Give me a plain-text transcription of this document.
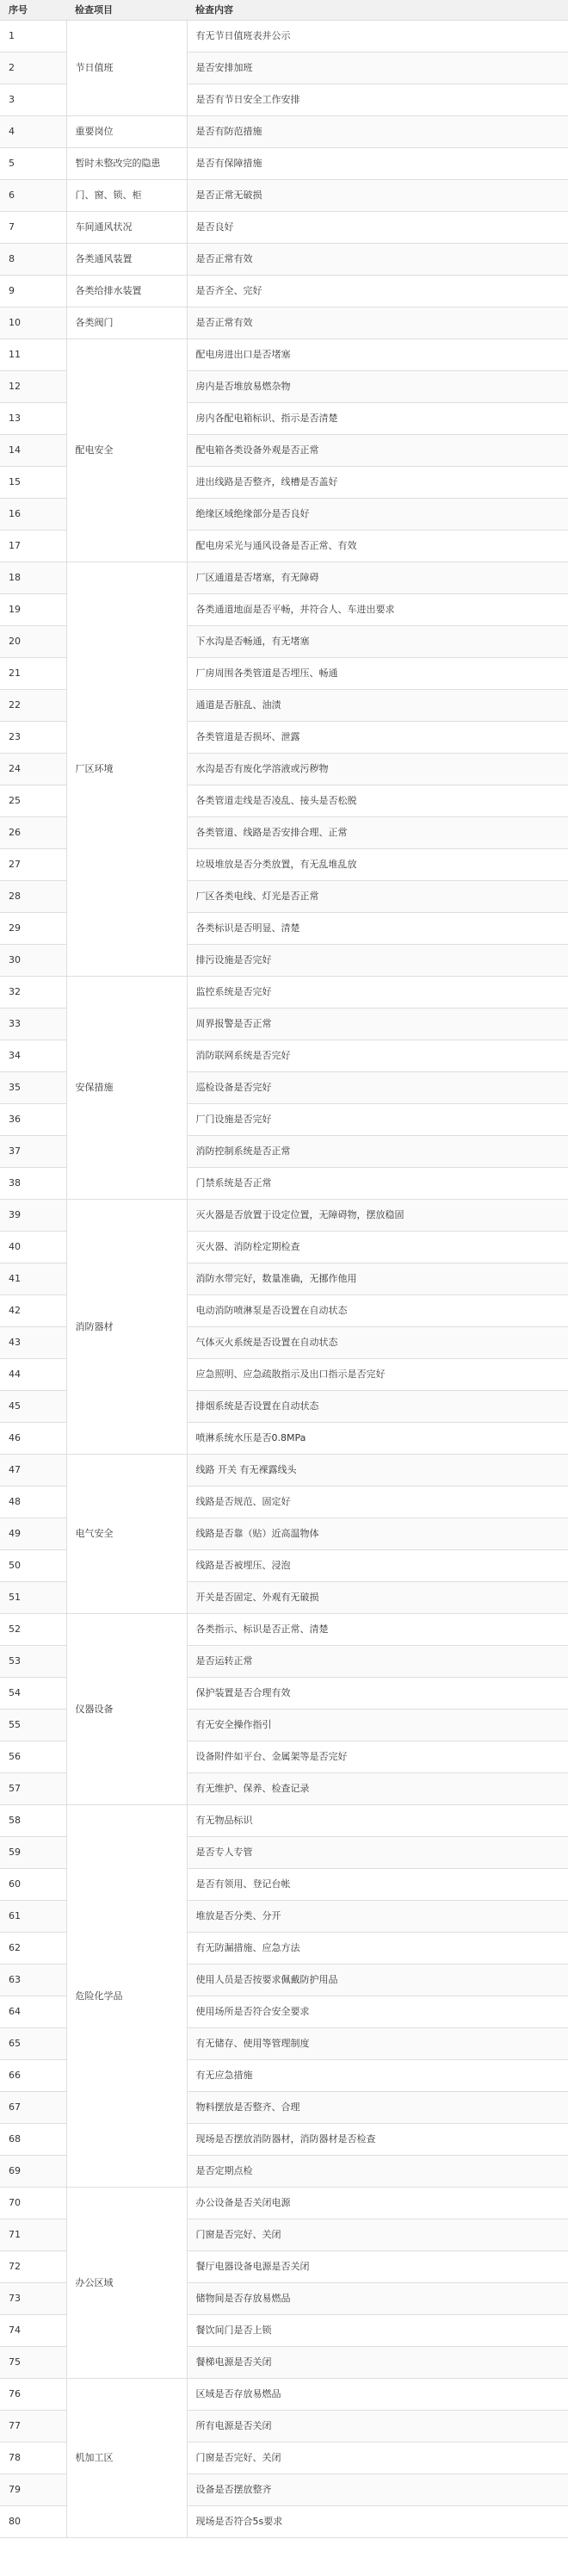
序号	检查项目	检查内容
1	节日值班	有无节日值班表并公示
2		是否安排加班
3		是否有节日安全工作安排
4	重要岗位	是否有防范措施
5	暂时未整改完的隐患	是否有保障措施
6	门、窗、锁、柜	是否正常无破损
7	车间通风状况	是否良好
8	各类通风装置	是否正常有效
9	各类给排水装置	是否齐全、完好
10	各类阀门	是否正常有效
11	配电安全	配电房进出口是否堵塞
12		房内是否堆放易燃杂物
13		房内各配电箱标识、指示是否清楚
14		配电箱各类设备外观是否正常
15		进出线路是否整齐，线槽是否盖好
16		绝缘区域绝缘部分是否良好
17		配电房采光与通风设备是否正常、有效
18	厂区环境	厂区通道是否堵塞，有无障碍
19		各类通道地面是否平畅，并符合人、车进出要求
20		下水沟是否畅通，有无堵塞
21		厂房周围各类管道是否埋压、畅通
22		通道是否脏乱、油渍
23		各类管道是否损坏、泄露
24		水沟是否有废化学溶液或污秽物
25		各类管道走线是否凌乱、接头是否松脱
26		各类管道、线路是否安排合理、正常
27		垃圾堆放是否分类放置，有无乱堆乱放
28		厂区各类电线、灯光是否正常
29		各类标识是否明显、清楚
30		排污设施是否完好
32	安保措施	监控系统是否完好
33		周界报警是否正常
34		消防联网系统是否完好
35		巡检设备是否完好
36		厂门设施是否完好
37		消防控制系统是否正常
38		门禁系统是否正常
39	消防器材	灭火器是否放置于设定位置，无障碍物，摆放稳固
40		灭火器、消防栓定期检查
41		消防水带完好，数量准确，无挪作他用
42		电动消防喷淋泵是否设置在自动状态
43		气体灭火系统是否设置在自动状态
44		应急照明、应急疏散指示及出口指示是否完好
45		排烟系统是否设置在自动状态
46		喷淋系统水压是否0.8MPa
47	电气安全	线路 开关 有无裸露线头
48		线路是否规范、固定好
49		线路是否靠（贴）近高温物体
50		线路是否被埋压、浸泡
51		开关是否固定、外观有无破损
52	仪器设备	各类指示、标识是否正常、清楚
53		是否运转正常
54		保护装置是否合理有效
55		有无安全操作指引
56		设备附件如平台、金属架等是否完好
57		有无维护、保养、检查记录
58	危险化学品	有无物品标识
59		是否专人专管
60		是否有领用、登记台帐
61		堆放是否分类、分开
62		有无防漏措施、应急方法
63		使用人员是否按要求佩戴防护用品
64		使用场所是否符合安全要求
65		有无储存、使用等管理制度
66		有无应急措施
67		物料摆放是否整齐、合理
68		现场是否摆放消防器材，消防器材是否检查
69		是否定期点检
70	办公区域	办公设备是否关闭电源
71		门窗是否完好、关闭
72		餐厅电器设备电源是否关闭
73		储物间是否存放易燃品
74		餐饮间门是否上锁
75		餐梯电源是否关闭
76	机加工区	区域是否存放易燃品
77		所有电源是否关闭
78		门窗是否完好、关闭
79		设备是否摆放整齐
80		现场是否符合5s要求
